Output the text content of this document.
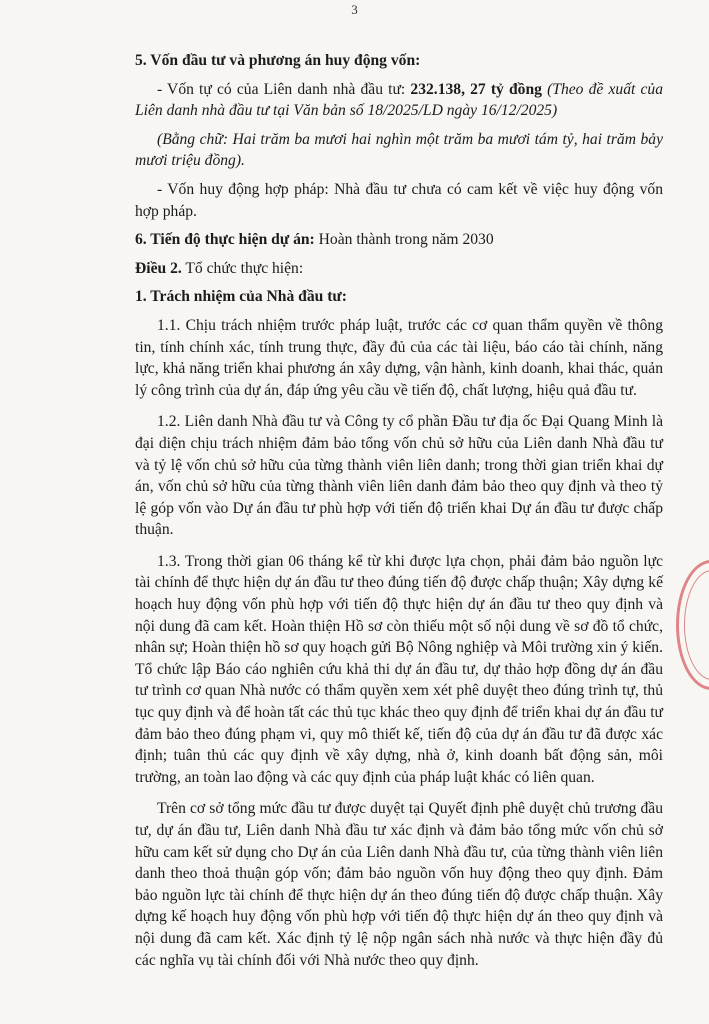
3

5. Vốn đầu tư và phương án huy động vốn:

- Vốn tự có của Liên danh nhà đầu tư: 232.138, 27 tỷ đồng (Theo đề xuất của Liên danh nhà đầu tư tại Văn bản số 18/2025/LD ngày 16/12/2025)

(Bằng chữ: Hai trăm ba mươi hai nghìn một trăm ba mươi tám tỷ, hai trăm bảy mươi triệu đồng).

- Vốn huy động hợp pháp: Nhà đầu tư chưa có cam kết về việc huy động vốn hợp pháp.

6. Tiến độ thực hiện dự án: Hoàn thành trong năm 2030

Điều 2. Tổ chức thực hiện:

1. Trách nhiệm của Nhà đầu tư:

1.1. Chịu trách nhiệm trước pháp luật, trước các cơ quan thẩm quyền về thông tin, tính chính xác, tính trung thực, đầy đủ của các tài liệu, báo cáo tài chính, năng lực, khả năng triển khai phương án xây dựng, vận hành, kinh doanh, khai thác, quản lý công trình của dự án, đáp ứng yêu cầu về tiến độ, chất lượng, hiệu quả đầu tư.

1.2. Liên danh Nhà đầu tư và Công ty cổ phần Đầu tư địa ốc Đại Quang Minh là đại diện chịu trách nhiệm đảm bảo tổng vốn chủ sở hữu của Liên danh Nhà đầu tư và tỷ lệ vốn chủ sở hữu của từng thành viên liên danh; trong thời gian triển khai dự án, vốn chủ sở hữu của từng thành viên liên danh đảm bảo theo quy định và theo tỷ lệ góp vốn vào Dự án đầu tư phù hợp với tiến độ triển khai Dự án đầu tư được chấp thuận.

1.3. Trong thời gian 06 tháng kể từ khi được lựa chọn, phải đảm bảo nguồn lực tài chính để thực hiện dự án đầu tư theo đúng tiến độ được chấp thuận; Xây dựng kế hoạch huy động vốn phù hợp với tiến độ thực hiện dự án đầu tư theo quy định và nội dung đã cam kết. Hoàn thiện Hồ sơ còn thiếu một số nội dung về sơ đồ tổ chức, nhân sự; Hoàn thiện hồ sơ quy hoạch gửi Bộ Nông nghiệp và Môi trường xin ý kiến. Tổ chức lập Báo cáo nghiên cứu khả thi dự án đầu tư, dự thảo hợp đồng dự án đầu tư trình cơ quan Nhà nước có thẩm quyền xem xét phê duyệt theo đúng trình tự, thủ tục quy định và để hoàn tất các thủ tục khác theo quy định để triển khai dự án đầu tư đảm bảo theo đúng phạm vi, quy mô thiết kế, tiến độ của dự án đầu tư đã được xác định; tuân thủ các quy định về xây dựng, nhà ở, kinh doanh bất động sản, môi trường, an toàn lao động và các quy định của pháp luật khác có liên quan.

Trên cơ sở tổng mức đầu tư được duyệt tại Quyết định phê duyệt chủ trương đầu tư, dự án đầu tư, Liên danh Nhà đầu tư xác định và đảm bảo tổng mức vốn chủ sở hữu cam kết sử dụng cho Dự án của Liên danh Nhà đầu tư, của từng thành viên liên danh theo thoả thuận góp vốn; đảm bảo nguồn vốn huy động theo quy định. Đảm bảo nguồn lực tài chính để thực hiện dự án theo đúng tiến độ được chấp thuận. Xây dựng kế hoạch huy động vốn phù hợp với tiến độ thực hiện dự án theo quy định và nội dung đã cam kết. Xác định tỷ lệ nộp ngân sách nhà nước và thực hiện đầy đủ các nghĩa vụ tài chính đối với Nhà nước theo quy định.
